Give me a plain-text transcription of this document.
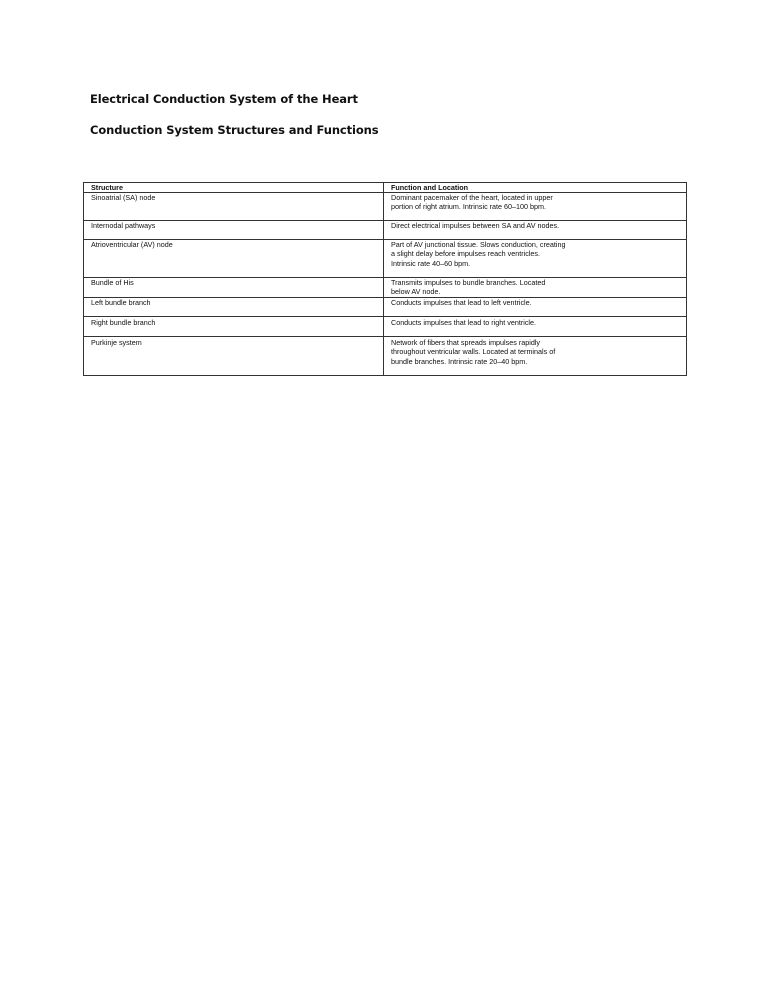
Electrical Conduction System of the Heart
Conduction System Structures and Functions
Structure	Function and Location
Sinoatrial (SA) node	Dominant pacemaker of the heart, located in upper portion of right atrium. Intrinsic rate 60–100 bpm.
Internodal pathways	Direct electrical impulses between SA and AV nodes.
Atrioventricular (AV) node	Part of AV junctional tissue. Slows conduction, creating a slight delay before impulses reach ventricles. Intrinsic rate 40–60 bpm.
Bundle of His	Transmits impulses to bundle branches. Located below AV node.
Left bundle branch	Conducts impulses that lead to left ventricle.
Right bundle branch	Conducts impulses that lead to right ventricle.
Purkinje system	Network of fibers that spreads impulses rapidly throughout ventricular walls. Located at terminals of bundle branches. Intrinsic rate 20–40 bpm.
